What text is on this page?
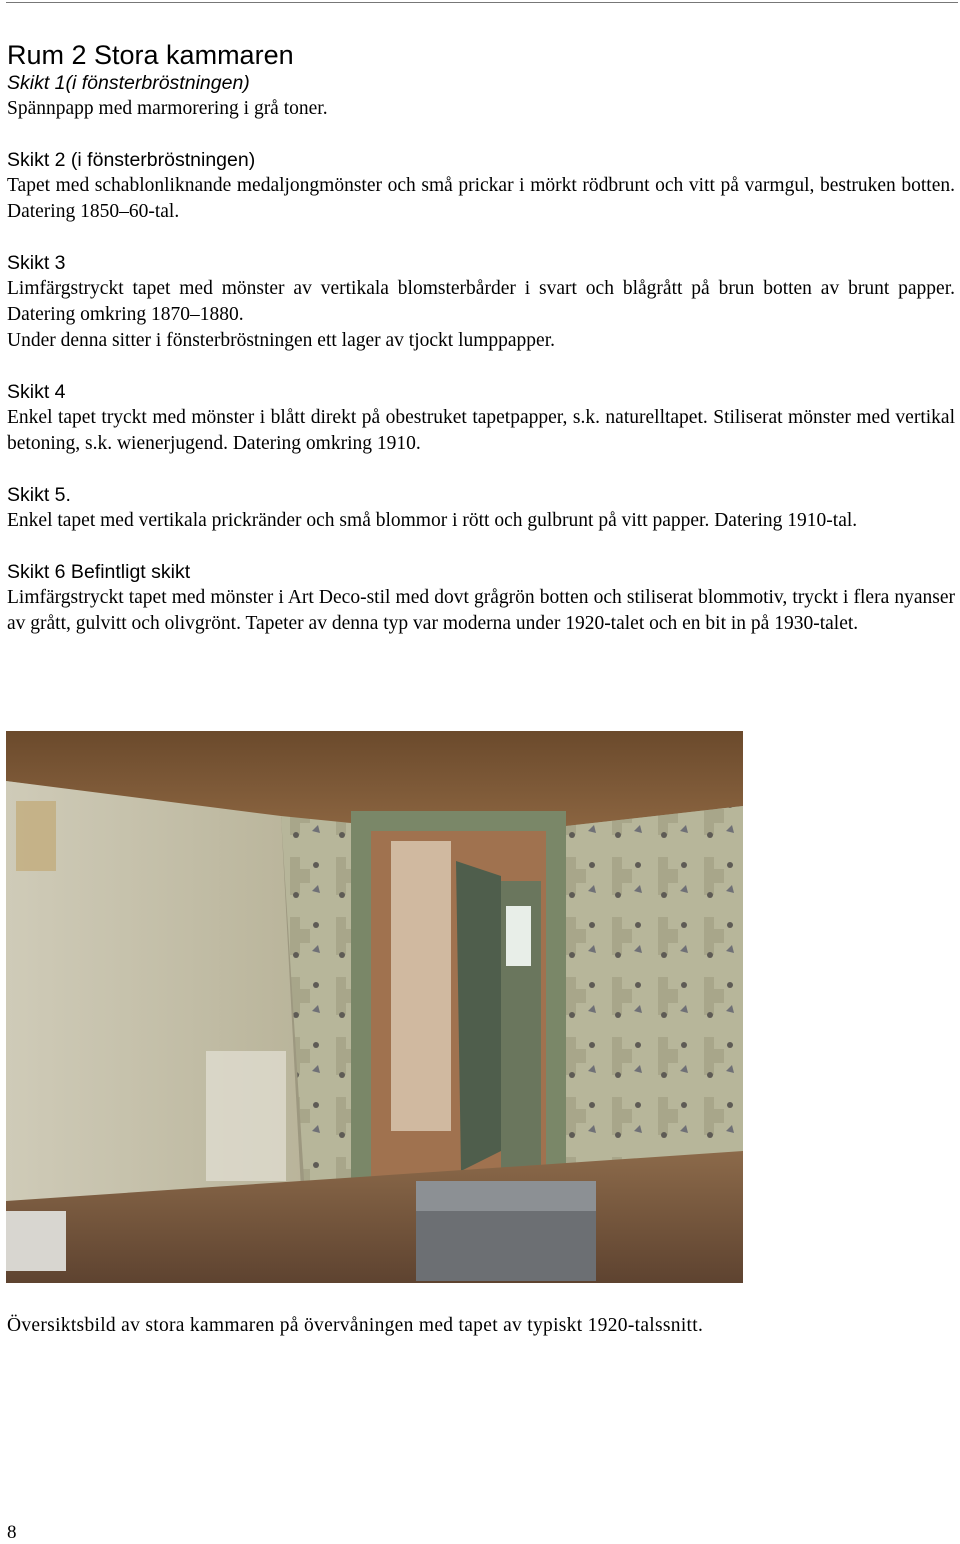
Rum 2 Stora kammaren

Skikt 1(i fönsterbröstningen)

Spännpapp med marmorering i grå toner.

Skikt 2 (i fönsterbröstningen)

Tapet med schablonliknande medaljongmönster och små prickar i mörkt rödbrunt och vitt på varmgul, bestruken botten. Datering 1850–60-tal.

Skikt 3

Limfärgstryckt tapet med mönster av vertikala blomsterbårder i svart och blågrått på brun botten av brunt papper. Datering omkring 1870–1880.

Under denna sitter i fönsterbröstningen ett lager av tjockt lumppapper.

Skikt 4

Enkel tapet tryckt med mönster i blått direkt på obestruket tapetpapper, s.k. naturelltapet. Stiliserat mönster med vertikal betoning, s.k. wienerjugend. Datering omkring 1910.

Skikt 5.

Enkel tapet med vertikala prickränder och små blommor i rött och gulbrunt på vitt papper. Datering 1910-tal.

Skikt 6 Befintligt skikt

Limfärgstryckt tapet med mönster i Art Deco-stil med dovt grågrön botten och stiliserat blommotiv, tryckt i flera nyanser av grått, gulvitt och olivgrönt. Tapeter av denna typ var moderna under 1920-talet och en bit in på 1930-talet.

Översiktsbild av stora kammaren på övervåningen med tapet av typiskt 1920-talssnitt.

8
